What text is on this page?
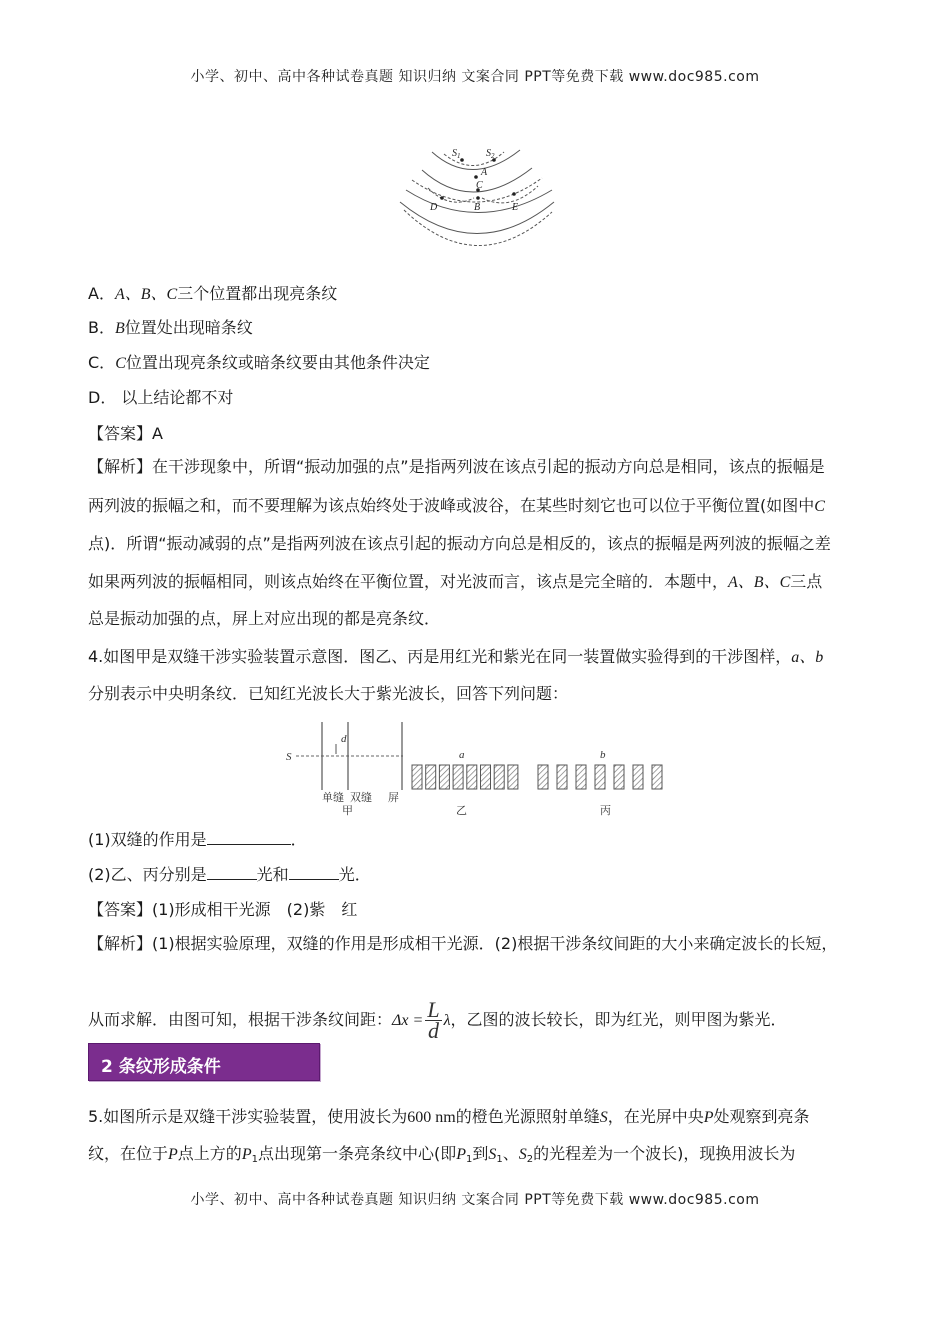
小学、初中、高中各种试卷真题 知识归纳 文案合同 PPT等免费下载 www.doc985.com
$S_1$	$S_2$
A
C
D	B	E
A．A、B、C三个位置都出现亮条纹
B．B位置处出现暗条纹
C．C位置出现亮条纹或暗条纹要由其他条件决定
D． 以上结论都不对
【答案】A
【解析】在干涉现象中，所谓“振动加强的点”是指两列波在该点引起的振动方向总是相同，该点的振幅是
两列波的振幅之和，而不要理解为该点始终处于波峰或波谷，在某些时刻它也可以位于平衡位置(如图中C
点)．所谓“振动减弱的点”是指两列波在该点引起的振动方向总是相反的，该点的振幅是两列波的振幅之差
如果两列波的振幅相同，则该点始终在平衡位置，对光波而言，该点是完全暗的．本题中，A、B、C三点
总是振动加强的点，屏上对应出现的都是亮条纹．
4.如图甲是双缝干涉实验装置示意图．图乙、丙是用红光和紫光在同一装置做实验得到的干涉图样，a、b
分别表示中央明条纹．已知红光波长大于紫光波长，回答下列问题：
S
d
a	b
单缝 双缝 屏
甲	乙	丙
(1)双缝的作用是	．
(2)乙、丙分别是	光和	光．
【答案】(1)形成相干光源　(2)紫　红
【解析】(1)根据实验原理，双缝的作用是形成相干光源．(2)根据干涉条纹间距的大小来确定波长的长短，
从而求解．由图可知，根据干涉条纹间距：$\Delta x = \frac{L}{d}$ λ，乙图的波长较长，即为红光，则甲图为紫光．
2 条纹形成条件
5.如图所示是双缝干涉实验装置，使用波长为600 nm的橙色光源照射单缝S，在光屏中央P处观察到亮条
纹，在位于P点上方的$P_1$点出现第一条亮条纹中心(即$P_1$到$S_1$、$S_2$的光程差为一个波长)，现换用波长为
小学、初中、高中各种试卷真题 知识归纳 文案合同 PPT等免费下载 www.doc985.com
